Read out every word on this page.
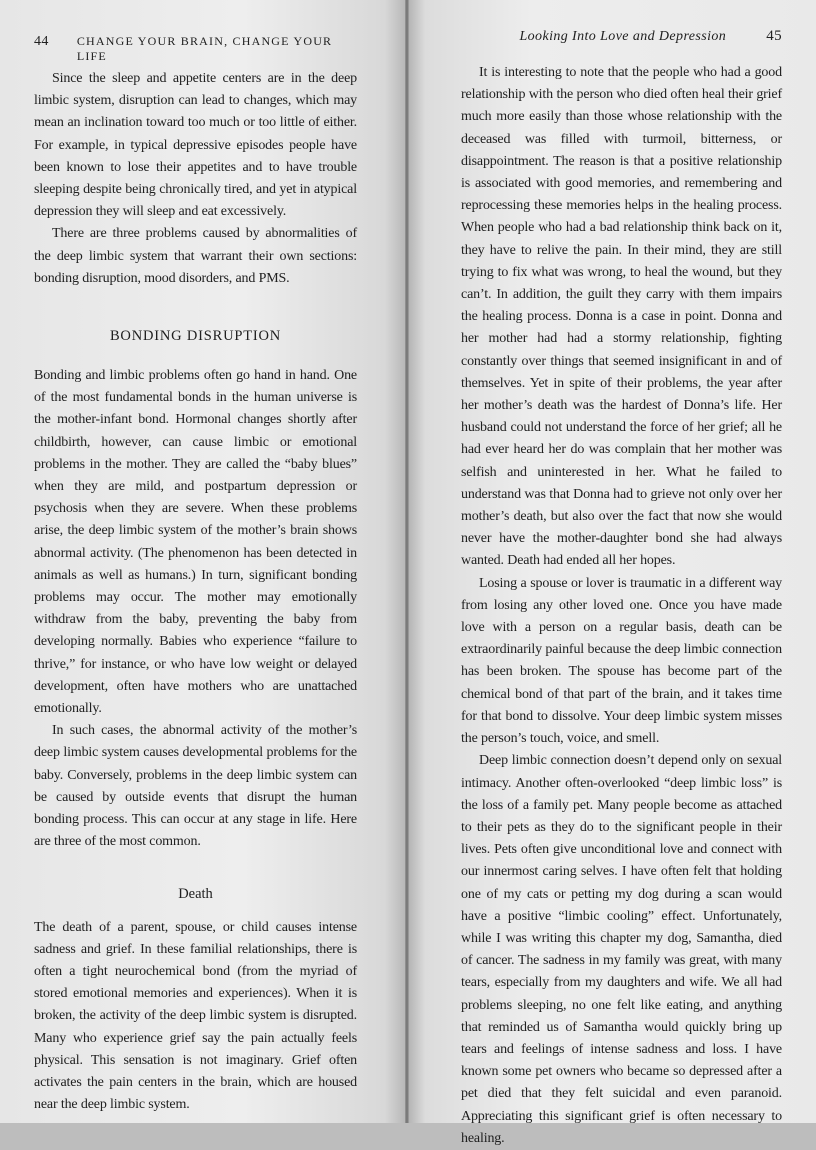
44 CHANGE YOUR BRAIN, CHANGE YOUR LIFE

Since the sleep and appetite centers are in the deep limbic system, disruption can lead to changes, which may mean an inclination toward too much or too little of either. For example, in typical depressive episodes people have been known to lose their appetites and to have trouble sleeping despite being chronically tired, and yet in atypical depression they will sleep and eat excessively.

There are three problems caused by abnormalities of the deep limbic system that warrant their own sections: bonding disruption, mood disorders, and PMS.

BONDING DISRUPTION

Bonding and limbic problems often go hand in hand. One of the most fundamental bonds in the human universe is the mother-infant bond. Hormonal changes shortly after childbirth, however, can cause limbic or emotional problems in the mother. They are called the “baby blues” when they are mild, and postpartum depression or psychosis when they are severe. When these problems arise, the deep limbic system of the mother’s brain shows abnormal activity. (The phenomenon has been detected in animals as well as humans.) In turn, significant bonding problems may occur. The mother may emotionally withdraw from the baby, preventing the baby from developing normally. Babies who experience “failure to thrive,” for instance, or who have low weight or delayed development, often have mothers who are unattached emotionally.

In such cases, the abnormal activity of the mother’s deep limbic system causes developmental problems for the baby. Conversely, problems in the deep limbic system can be caused by outside events that disrupt the human bonding process. This can occur at any stage in life. Here are three of the most common.

Death

The death of a parent, spouse, or child causes intense sadness and grief. In these familial relationships, there is often a tight neurochemical bond (from the myriad of stored emotional memories and experiences). When it is broken, the activity of the deep limbic system is disrupted. Many who experience grief say the pain actually feels physical. This sensation is not imaginary. Grief often activates the pain centers in the brain, which are housed near the deep limbic system.

Looking Into Love and Depression	45

It is interesting to note that the people who had a good relationship with the person who died often heal their grief much more easily than those whose relationship with the deceased was filled with turmoil, bitterness, or disappointment. The reason is that a positive relationship is associated with good memories, and remembering and reprocessing these memories helps in the healing process. When people who had a bad relationship think back on it, they have to relive the pain. In their mind, they are still trying to fix what was wrong, to heal the wound, but they can’t. In addition, the guilt they carry with them impairs the healing process. Donna is a case in point. Donna and her mother had had a stormy relationship, fighting constantly over things that seemed insignificant in and of themselves. Yet in spite of their problems, the year after her mother’s death was the hardest of Donna’s life. Her husband could not understand the force of her grief; all he had ever heard her do was complain that her mother was selfish and uninterested in her. What he failed to understand was that Donna had to grieve not only over her mother’s death, but also over the fact that now she would never have the mother-daughter bond she had always wanted. Death had ended all her hopes.

Losing a spouse or lover is traumatic in a different way from losing any other loved one. Once you have made love with a person on a regular basis, death can be extraordinarily painful because the deep limbic connection has been broken. The spouse has become part of the chemical bond of that part of the brain, and it takes time for that bond to dissolve. Your deep limbic system misses the person’s touch, voice, and smell.

Deep limbic connection doesn’t depend only on sexual intimacy. Another often-overlooked “deep limbic loss” is the loss of a family pet. Many people become as attached to their pets as they do to the significant people in their lives. Pets often give unconditional love and connect with our innermost caring selves. I have often felt that holding one of my cats or petting my dog during a scan would have a positive “limbic cooling” effect. Unfortunately, while I was writing this chapter my dog, Samantha, died of cancer. The sadness in my family was great, with many tears, especially from my daughters and wife. We all had problems sleeping, no one felt like eating, and anything that reminded us of Samantha would quickly bring up tears and feelings of intense sadness and loss. I have known some pet owners who became so depressed after a pet died that they felt suicidal and even paranoid. Appreciating this significant grief is often necessary to healing.
